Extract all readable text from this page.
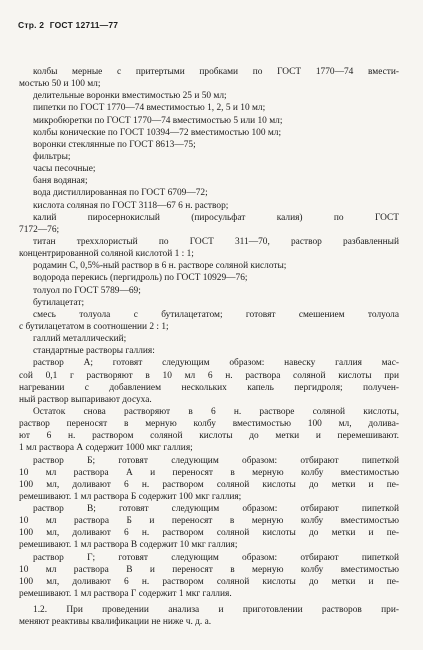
Стр. 2 ГОСТ 12711—77
колбы мерные с притертыми пробками по ГОСТ 1770—74 вмести-
мостью 50 и 100 мл;
делительные воронки вместимостью 25 и 50 мл;
пипетки по ГОСТ 1770—74 вместимостью 1, 2, 5 и 10 мл;
микробюретки по ГОСТ 1770—74 вместимостью 5 или 10 мл;
колбы конические по ГОСТ 10394—72 вместимостью 100 мл;
воронки стеклянные по ГОСТ 8613—75;
фильтры;
часы песочные;
баня водяная;
вода дистиллированная по ГОСТ 6709—72;
кислота соляная по ГОСТ 3118—67 6 н. раствор;
калий пиросернокислый (пиросульфат калия) по ГОСТ
7172—76;
титан треххлористый по ГОСТ 311—70, раствор разбавленный
концентрированной соляной кислотой 1 : 1;
родамин С, 0,5%-ный раствор в 6 н. растворе соляной кислоты;
водорода перекись (пергидроль) по ГОСТ 10929—76;
толуол по ГОСТ 5789—69;
бутилацетат;
смесь толуола с бутилацетатом; готовят смешением толуола
с бутилацетатом в соотношении 2 : 1;
галлий металлический;
стандартные растворы галлия:
раствор А; готовят следующим образом: навеску галлия мас-
сой 0,1 г растворяют в 10 мл 6 н. раствора соляной кислоты при
нагревании с добавлением нескольких капель пергидроля; получен-
ный раствор выпаривают досуха.
Остаток снова растворяют в 6 н. растворе соляной кислоты,
раствор переносят в мерную колбу вместимостью 100 мл, долива-
ют 6 н. раствором соляной кислоты до метки и перемешивают.
1 мл раствора А содержит 1000 мкг галлия;
раствор Б; готовят следующим образом: отбирают пипеткой
10 мл раствора А и переносят в мерную колбу вместимостью
100 мл, доливают 6 н. раствором соляной кислоты до метки и пе-
ремешивают. 1 мл раствора Б содержит 100 мкг галлия;
раствор В; готовят следующим образом: отбирают пипеткой
10 мл раствора Б и переносят в мерную колбу вместимостью
100 мл, доливают 6 н. раствором соляной кислоты до метки и пе-
ремешивают. 1 мл раствора В содержит 10 мкг галлия;
раствор Г; готовят следующим образом: отбирают пипеткой
10 мл раствора В и переносят в мерную колбу вместимостью
100 мл, доливают 6 н. раствором соляной кислоты до метки и пе-
ремешивают. 1 мл раствора Г содержит 1 мкг галлия.
1.2. При проведении анализа и приготовлении растворов при-
меняют реактивы квалификации не ниже ч. д. а.
